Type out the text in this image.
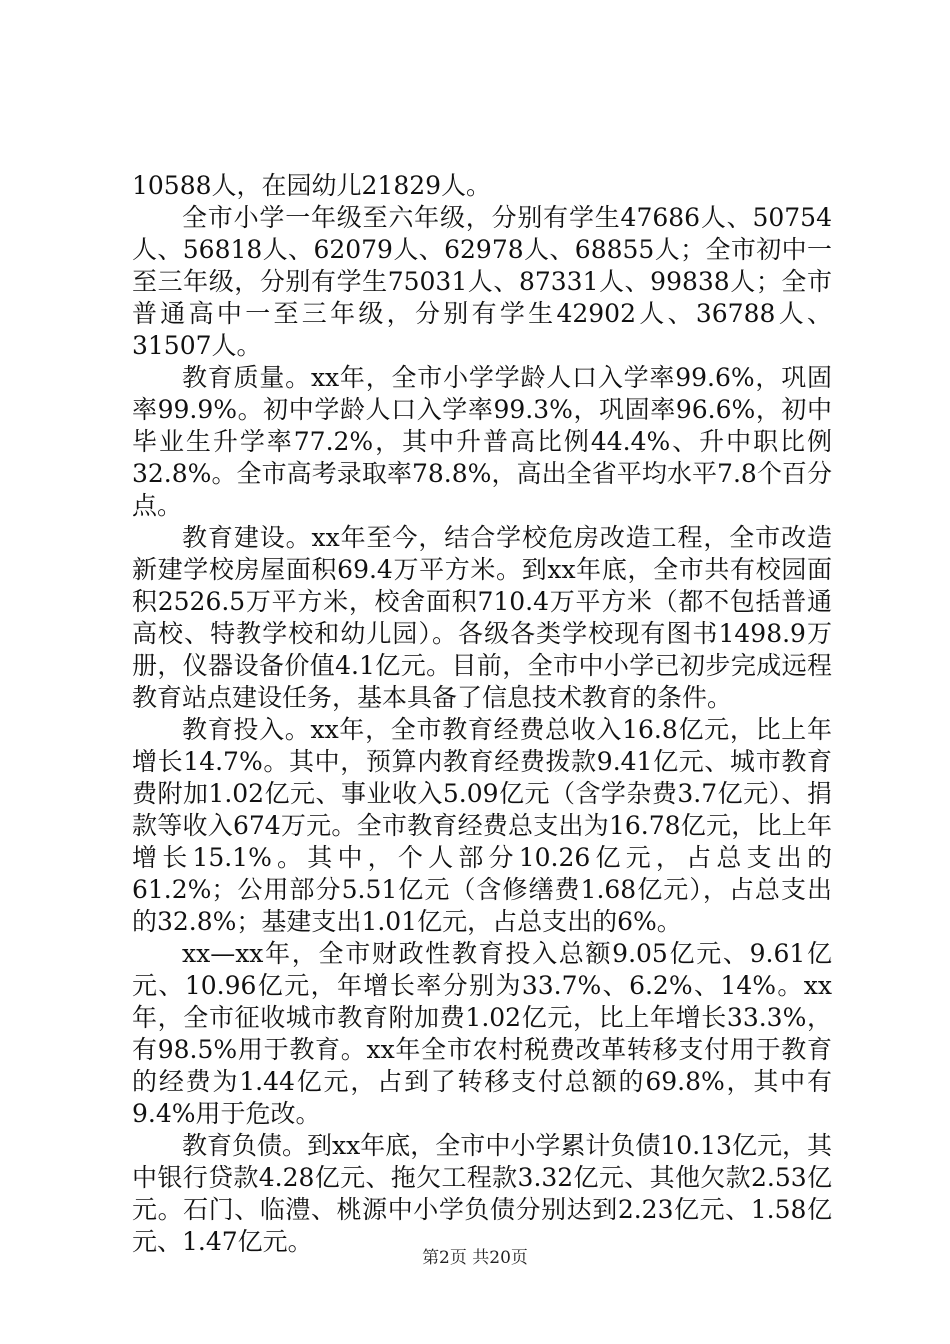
10588人，在园幼儿21829人。

全市小学一年级至六年级，分别有学生47686人、50754人、56818人、62079人、62978人、68855人；全市初中一至三年级，分别有学生75031人、87331人、99838人；全市普通高中一至三年级，分别有学生42902人、36788人、31507人。

教育质量。xx年，全市小学学龄人口入学率99.6%，巩固率99.9%。初中学龄人口入学率99.3%，巩固率96.6%，初中毕业生升学率77.2%，其中升普高比例44.4%、升中职比例32.8%。全市高考录取率78.8%，高出全省平均水平7.8个百分点。

教育建设。xx年至今，结合学校危房改造工程，全市改造新建学校房屋面积69.4万平方米。到xx年底，全市共有校园面积2526.5万平方米，校舍面积710.4万平方米（都不包括普通高校、特教学校和幼儿园）。各级各类学校现有图书1498.9万册，仪器设备价值4.1亿元。目前，全市中小学已初步完成远程教育站点建设任务，基本具备了信息技术教育的条件。

教育投入。xx年，全市教育经费总收入16.8亿元，比上年增长14.7%。其中，预算内教育经费拨款9.41亿元、城市教育费附加1.02亿元、事业收入5.09亿元（含学杂费3.7亿元）、捐款等收入674万元。全市教育经费总支出为16.78亿元，比上年增长15.1%。其中，个人部分10.26亿元，占总支出的61.2%；公用部分5.51亿元（含修缮费1.68亿元），占总支出的32.8%；基建支出1.01亿元，占总支出的6%。

xx—xx年，全市财政性教育投入总额9.05亿元、9.61亿元、10.96亿元，年增长率分别为33.7%、6.2%、14%。xx年，全市征收城市教育附加费1.02亿元，比上年增长33.3%，有98.5%用于教育。xx年全市农村税费改革转移支付用于教育的经费为1.44亿元，占到了转移支付总额的69.8%，其中有9.4%用于危改。

教育负债。到xx年底，全市中小学累计负债10.13亿元，其中银行贷款4.28亿元、拖欠工程款3.32亿元、其他欠款2.53亿元。石门、临澧、桃源中小学负债分别达到2.23亿元、1.58亿元、1.47亿元。

第2页 共20页
